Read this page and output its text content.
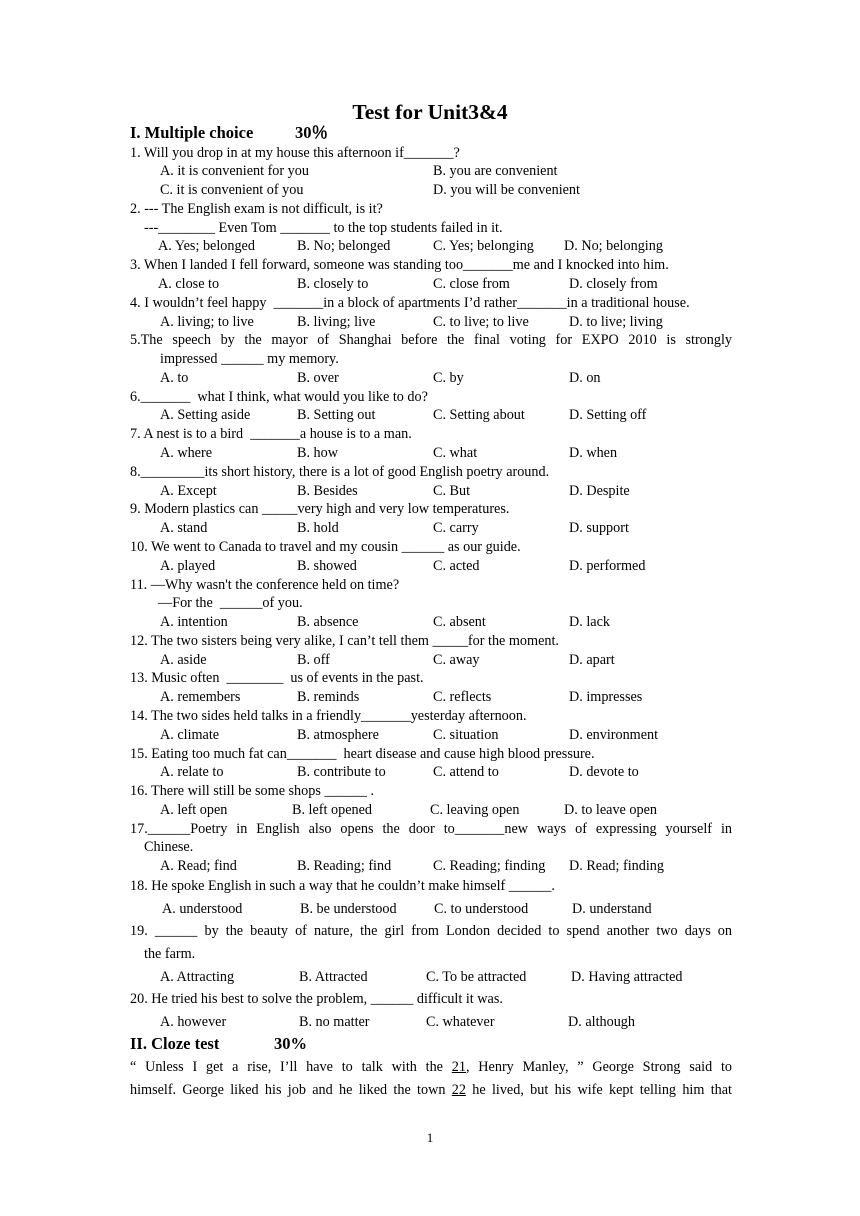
Test for Unit3&4
I. Multiple choice	30％
1. Will you drop in at my house this afternoon if_______?
A. it is convenient for you	B. you are convenient
C. it is convenient of you	D. you will be convenient
2. --- The English exam is not difficult, is it?
---________ Even Tom _______ to the top students failed in it.
A. Yes; belonged	B. No; belonged	C. Yes; belonging D. No; belonging
3. When I landed I fell forward, someone was standing too_______me and I knocked into him.
A. close to	B. closely to	C. close from	D. closely from
4. I wouldn’t feel happy  _______in a block of apartments I’d rather_______in a traditional house.
A. living; to live	B. living; live	C. to live; to live	D. to live; living
5.The speech by the mayor of Shanghai before the final voting for EXPO 2010 is strongly
impressed ______ my memory.
A. to	B. over	C. by	D. on
6._______  what I think, what would you like to do?
A. Setting aside	B. Setting out	C. Setting about	D. Setting off
7. A nest is to a bird  _______a house is to a man.
A. where	B. how	C. what	D. when
8._________its short history, there is a lot of good English poetry around.
A. Except	B. Besides	C. But	D. Despite
9. Modern plastics can _____very high and very low temperatures.
A. stand	B. hold	C. carry	D. support
10. We went to Canada to travel and my cousin ______ as our guide.
A. played	B. showed	C. acted	D. performed
11. —Why wasn't the conference held on time?
—For the  ______of you.
A. intention	B. absence	C. absent	D. lack
12. The two sisters being very alike, I can’t tell them _____for the moment.
A. aside	B. off	C. away	D. apart
13. Music often  ________  us of events in the past.
A. remembers	B. reminds	C. reflects	D. impresses
14. The two sides held talks in a friendly_______yesterday afternoon.
A. climate	B. atmosphere	C. situation	D. environment
15. Eating too much fat can_______  heart disease and cause high blood pressure.
A. relate to	B. contribute to	C. attend to	D. devote to
16. There will still be some shops ______ .
A. left open	B. left opened	C. leaving open	D. to leave open
17.______Poetry in English also opens the door to_______new ways of expressing yourself in
Chinese.
A. Read; find	B. Reading; find	C. Reading; finding D. Read; finding
18. He spoke English in such a way that he couldn’t make himself ______.
A. understood	B. be understood	C. to understood	D. understand
19. ______ by the beauty of nature, the girl from London decided to spend another two days on
the farm.
A. Attracting	B. Attracted	C. To be attracted	D. Having attracted
20. He tried his best to solve the problem, ______ difficult it was.
A. however	B. no matter	C. whatever	D. although
II. Cloze test	30%
“ Unless I get a rise, I’ll have to talk with the 21, Henry Manley, ” George Strong said to
himself. George liked his job and he liked the town 22 he lived, but his wife kept telling him that
1
